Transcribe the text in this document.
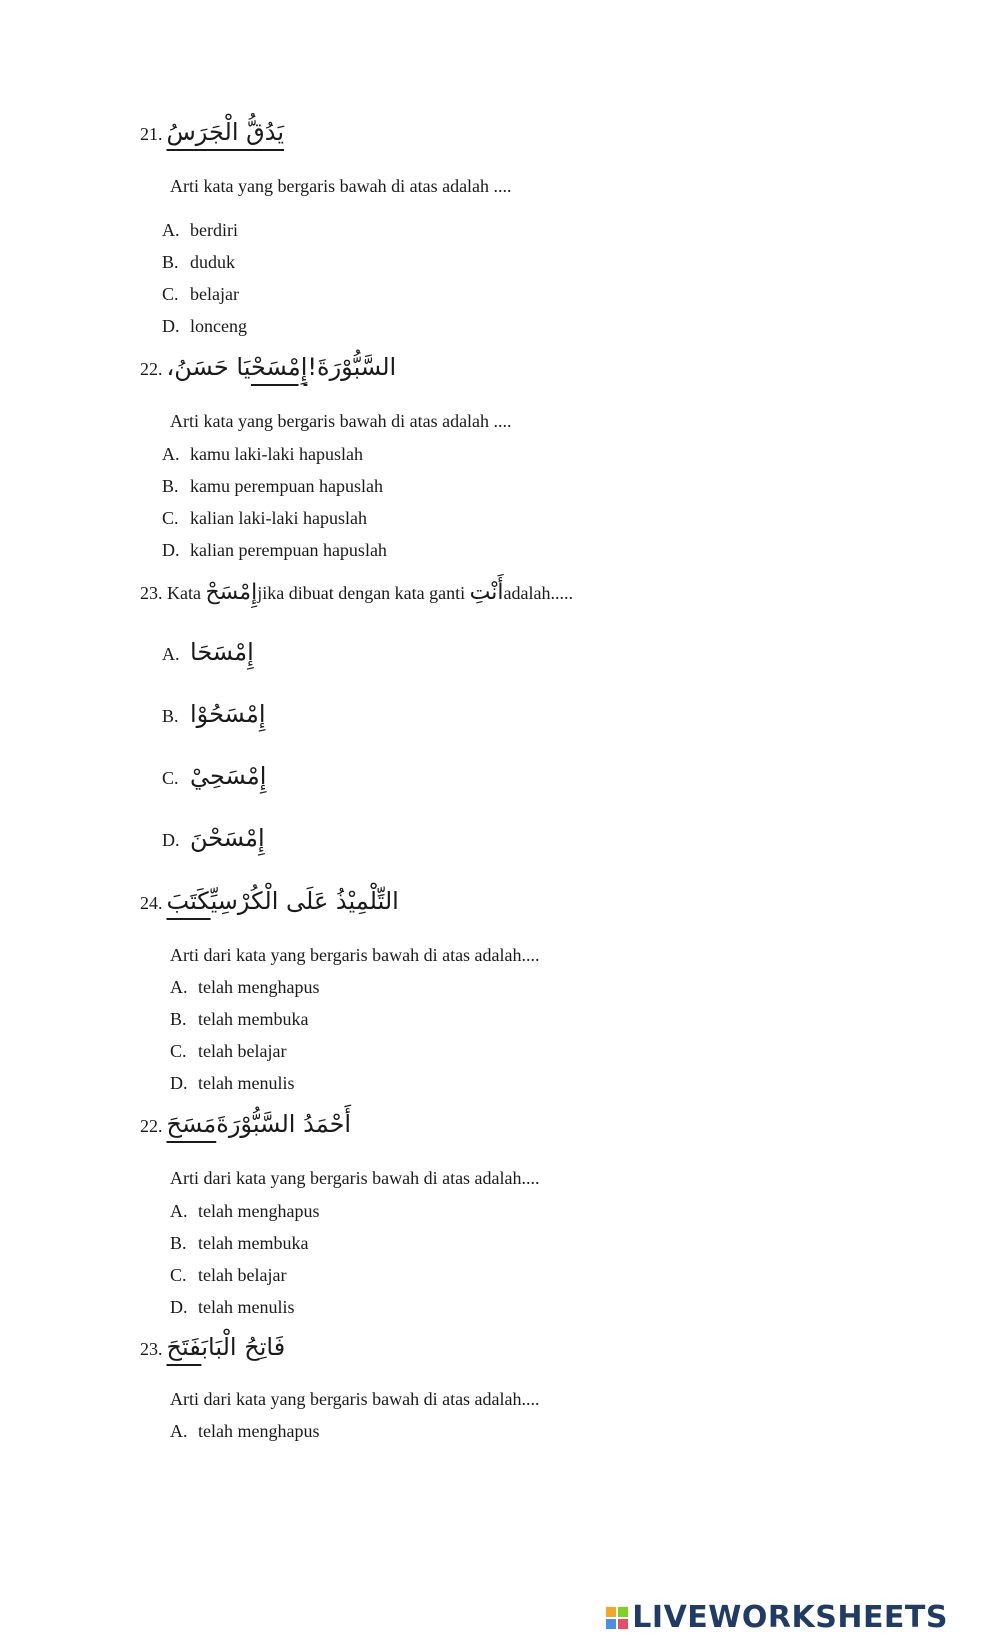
21. يَدُقُّ الْجَرَسُ
Arti kata yang bergaris bawah di atas adalah ....
A. berdiri
B. duduk
C. belajar
D. lonceng
22.	السَّبُّوْرَةَ!إِمْسَحْيَا حَسَنُ،
Arti kata yang bergaris bawah di atas adalah ....
A. kamu laki-laki hapuslah
B. kamu perempuan hapuslah
C. kalian laki-laki hapuslah
D. kalian perempuan hapuslah
23. Kata إِمْسَحْjika dibuat dengan kata ganti أَنْتِadalah.....
A. إِمْسَحَا
B. إِمْسَحُوْا
C. إِمْسَحِيْ
D. إِمْسَحْنَ
24. التِّلْمِيْذُ عَلَى الْكُرْسِيِّكَتَبَ
Arti dari kata yang bergaris bawah di atas adalah....
A. telah menghapus
B. telah membuka
C. telah belajar
D. telah menulis
22. أَحْمَدُ السَّبُّوْرَةَمَسَحَ
Arti dari kata yang bergaris bawah di atas adalah....
A. telah menghapus
B. telah membuka
C. telah belajar
D. telah menulis
23. فَاتِحُ الْبَابَفَتَحَ
Arti dari kata yang bergaris bawah di atas adalah....
A. telah menghapus
LIVEWORKSHEETS
